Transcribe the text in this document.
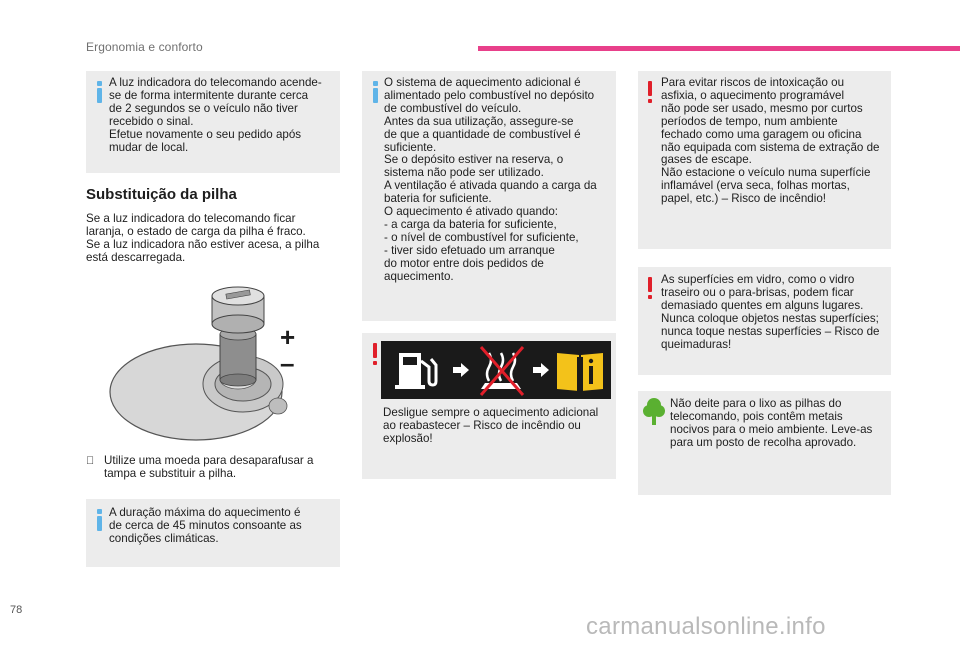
Ergonomia e conforto
A luz indicadora do telecomando acende-
se de forma intermitente durante cerca
de 2 segundos se o veículo não tiver
recebido o sinal.
Efetue novamente o seu pedido após
mudar de local.
Substituição da pilha
Se a luz indicadora do telecomando ficar
laranja, o estado de carga da pilha é fraco.
Se a luz indicadora não estiver acesa, a pilha
está descarregada.
+
–

Utilize uma moeda para desaparafusar a
tampa e substituir a pilha.

A duração máxima do aquecimento é
de cerca de 45 minutos consoante as
condições climáticas.
O sistema de aquecimento adicional é
alimentado pelo combustível no depósito
de combustível do veículo.
Antes da sua utilização, assegure-se
de que a quantidade de combustível é
suficiente.
Se o depósito estiver na reserva, o
sistema não pode ser utilizado.
A ventilação é ativada quando a carga da
bateria for suficiente.
O aquecimento é ativado quando:
- a carga da bateria for suficiente,
- o nível de combustível for suficiente,
- tiver sido efetuado um arranque
do motor entre dois pedidos de
aquecimento.
Desligue sempre o aquecimento adicional
ao reabastecer – Risco de incêndio ou
explosão!
Para evitar riscos de intoxicação ou
asfixia, o aquecimento programável
não pode ser usado, mesmo por curtos
períodos de tempo, num ambiente
fechado como uma garagem ou oficina
não equipada com sistema de extração de
gases de escape.
Não estacione o veículo numa superfície
inflamável (erva seca, folhas mortas,
papel, etc.) – Risco de incêndio!
As superfícies em vidro, como o vidro
traseiro ou o para-brisas, podem ficar
demasiado quentes em alguns lugares.
Nunca coloque objetos nestas superfícies;
nunca toque nestas superfícies – Risco de
queimaduras!
Não deite para o lixo as pilhas do
telecomando, pois contêm metais
nocivos para o meio ambiente. Leve-as
para um posto de recolha aprovado.
78
carmanualsonline.info
